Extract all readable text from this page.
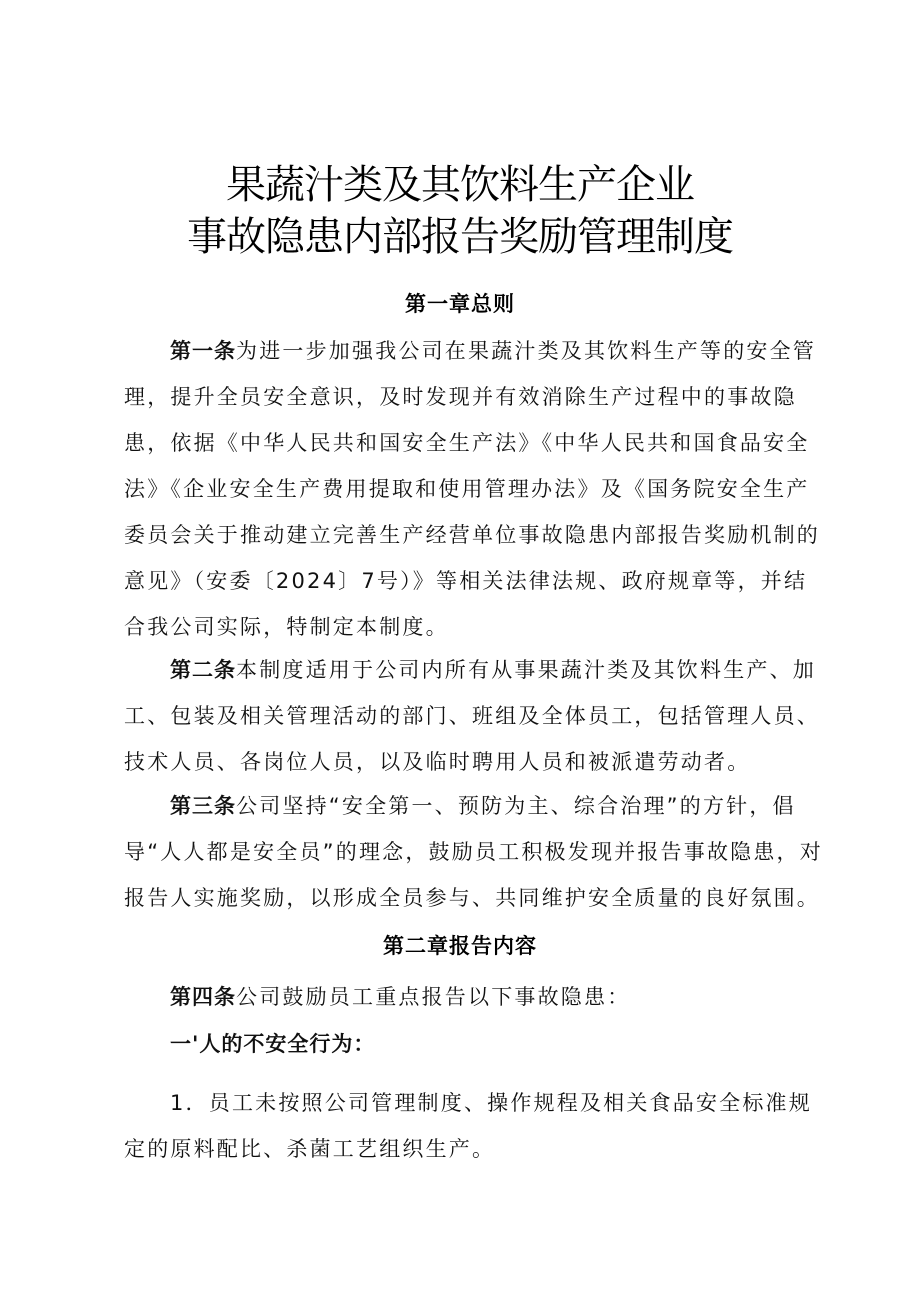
果蔬汁类及其饮料生产企业
事故隐患内部报告奖励管理制度
第一章总则

第一条为进一步加强我公司在果蔬汁类及其饮料生产等的安全管理，提升全员安全意识，及时发现并有效消除生产过程中的事故隐患，依据《中华人民共和国安全生产法》《中华人民共和国食品安全法》《企业安全生产费用提取和使用管理办法》及《国务院安全生产委员会关于推动建立完善生产经营单位事故隐患内部报告奖励机制的意见》（安委〔2024〕7号）》等相关法律法规、政府规章等，并结合我公司实际，特制定本制度。

第二条本制度适用于公司内所有从事果蔬汁类及其饮料生产、加工、包装及相关管理活动的部门、班组及全体员工，包括管理人员、技术人员、各岗位人员，以及临时聘用人员和被派遣劳动者。

第三条公司坚持“安全第一、预防为主、综合治理”的方针，倡导“人人都是安全员”的理念，鼓励员工积极发现并报告事故隐患，对报告人实施奖励，以形成全员参与、共同维护安全质量的良好氛围。

第二章报告内容

第四条公司鼓励员工重点报告以下事故隐患：

一'人的不安全行为：

1．员工未按照公司管理制度、操作规程及相关食品安全标准规定的原料配比、杀菌工艺组织生产。
